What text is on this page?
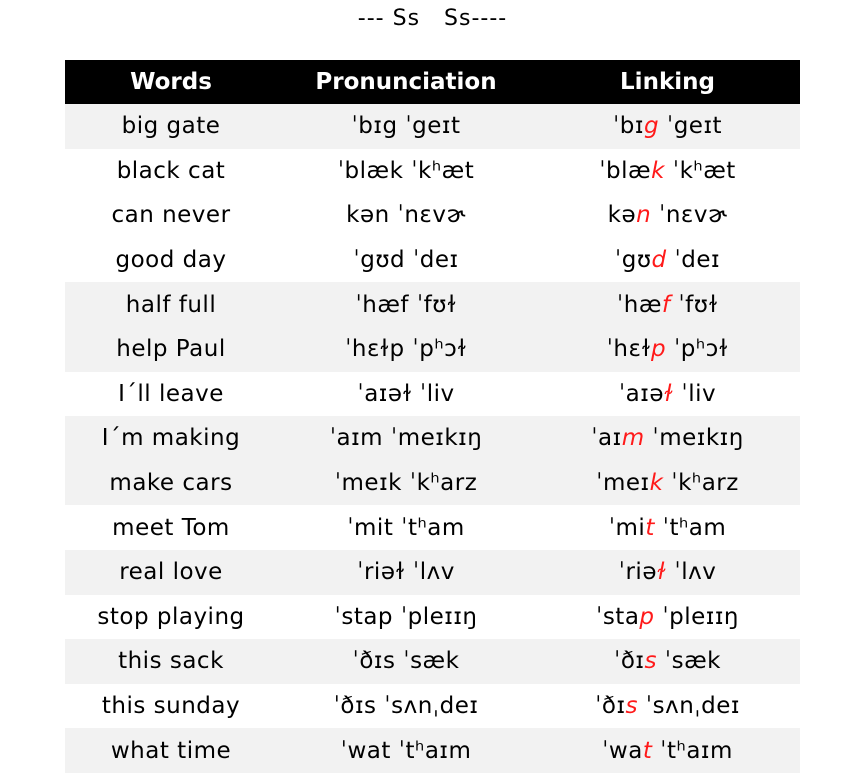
--- Ss   Ss----
Words	Pronunciation	Linking
big gate	ˈbɪg ˈgeɪt	ˈbɪg ˈgeɪt
black cat	ˈblæk ˈkʰæt	ˈblæk ˈkʰæt
can never	kən ˈnɛvɚ	kən ˈnɛvɚ
good day	ˈgʊd ˈdeɪ	ˈgʊd ˈdeɪ
half full	ˈhæf ˈfʊɫ	ˈhæf ˈfʊɫ
help Paul	ˈhɛɫp ˈpʰɔɫ	ˈhɛɫp ˈpʰɔɫ
I´ll leave	ˈaɪəɫ ˈliv	ˈaɪəɫ ˈliv
I´m making	ˈaɪm ˈmeɪkɪŋ	ˈaɪm ˈmeɪkɪŋ
make cars	ˈmeɪk ˈkʰarz	ˈmeɪk ˈkʰarz
meet Tom	ˈmit ˈtʰam	ˈmit ˈtʰam
real love	ˈriəɫ ˈlʌv	ˈriəɫ ˈlʌv
stop playing	ˈstap ˈpleɪɪŋ	ˈstap ˈpleɪɪŋ
this sack	ˈðɪs ˈsæk	ˈðɪs ˈsæk
this sunday	ˈðɪs ˈsʌnˌdeɪ	ˈðɪs ˈsʌnˌdeɪ
what time	ˈwat ˈtʰaɪm	ˈwat ˈtʰaɪm
